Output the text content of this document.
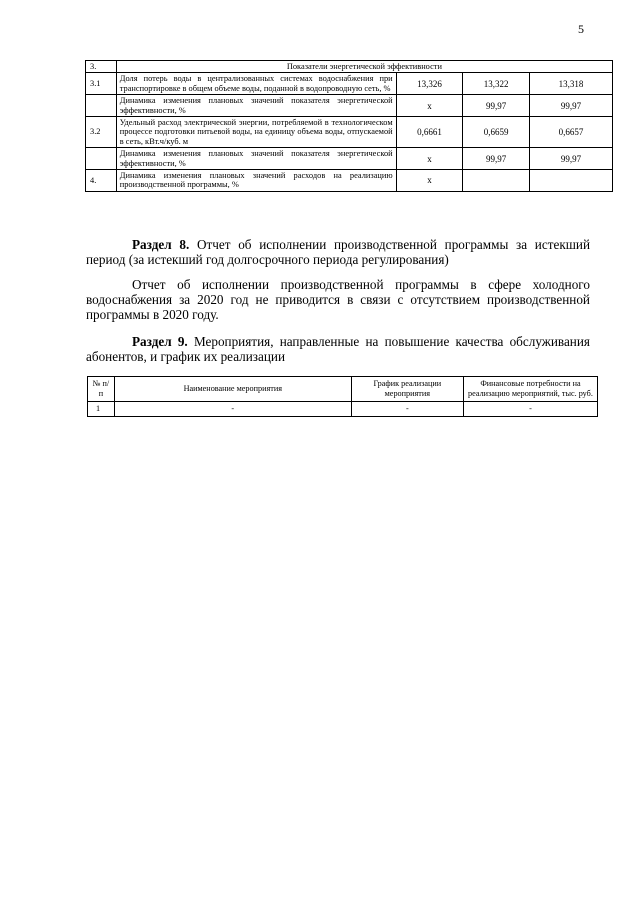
5
3.	Показатели энергетической эффективности			
3.1	Доля потерь воды в централизованных системах водоснабжения при транспортировке в общем объеме воды, поданной в водопроводную сеть, %	13,326	13,322	13,318
	Динамика изменения плановых значений показателя энергетической эффективности, %	х	99,97	99,97
3.2	Удельный расход электрической энергии, потребляемой в технологическом процессе подготовки питьевой воды, на единицу объема воды, отпускаемой в сеть, кВт.ч/куб. м	0,6661	0,6659	0,6657
	Динамика изменения плановых значений показателя энергетической эффективности, %	х	99,97	99,97
4.	Динамика изменения плановых значений расходов на реализацию производственной программы, %	х		
Раздел 8. Отчет об исполнении производственной программы за истекший период (за истекший год долгосрочного периода регулирования)
Отчет об исполнении производственной программы в сфере холодного водоснабжения за 2020 год не приводится в связи с отсутствием производственной программы в 2020 году.
Раздел 9. Мероприятия, направленные на повышение качества обслуживания абонентов, и график их реализации
№ п/п	Наименование мероприятия	График реализации мероприятия	Финансовые потребности на реализацию мероприятий, тыс. руб.
1	-	-	-
